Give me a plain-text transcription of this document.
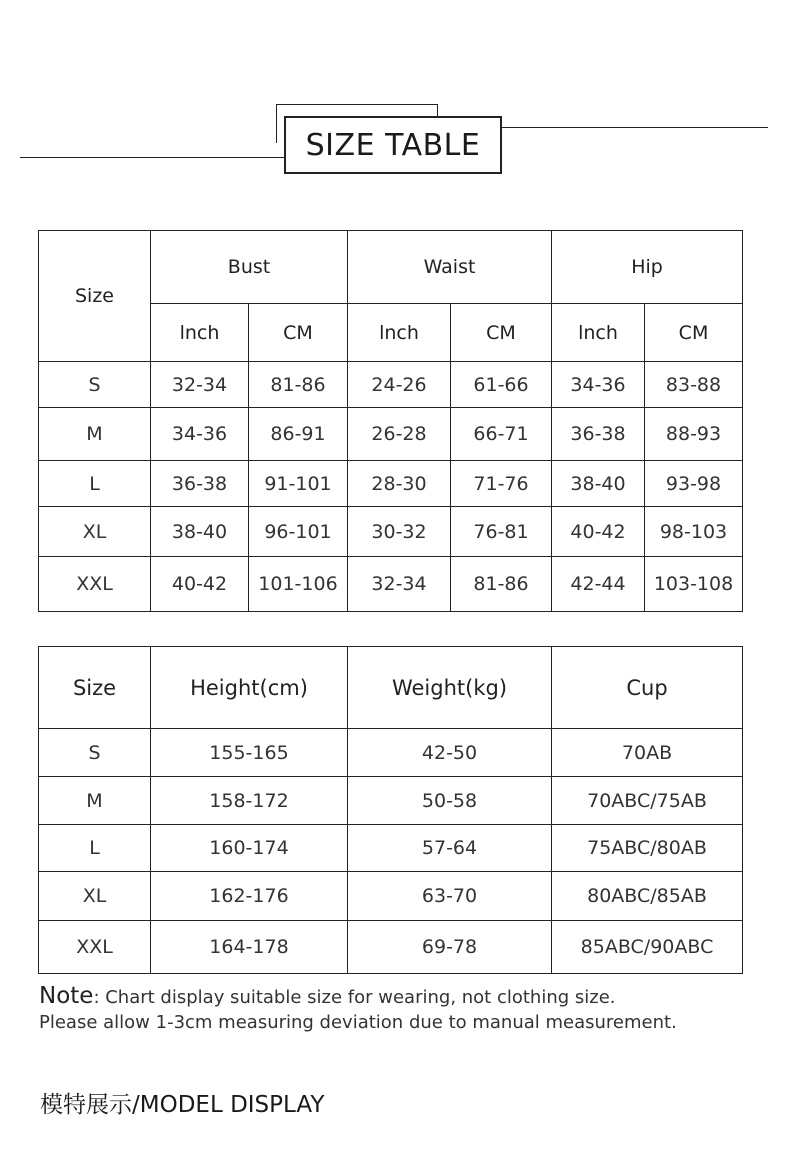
SIZE TABLE
Size	Bust		Waist		Hip	
	lnch	CM	lnch	CM	lnch	CM
S	32-34	81-86	24-26	61-66	34-36	83-88
M	34-36	86-91	26-28	66-71	36-38	88-93
L	36-38	91-101	28-30	71-76	38-40	93-98
XL	38-40	96-101	30-32	76-81	40-42	98-103
XXL	40-42	101-106	32-34	81-86	42-44	103-108
Size	Height(cm)	Weight(kg)	Cup
S	155-165	42-50	70AB
M	158-172	50-58	70ABC/75AB
L	160-174	57-64	75ABC/80AB
XL	162-176	63-70	80ABC/85AB
XXL	164-178	69-78	85ABC/90ABC
Note: Chart display suitable size for wearing, not clothing size.
Please allow 1-3cm measuring deviation due to manual measurement.
模特展示/MODEL DISPLAY
